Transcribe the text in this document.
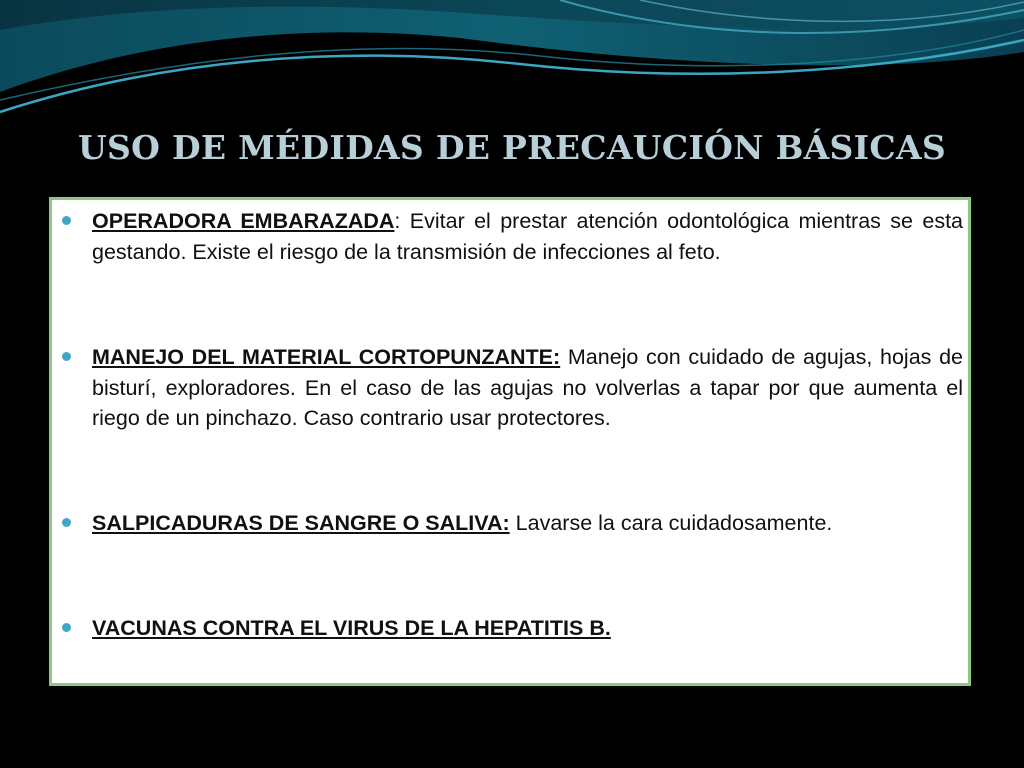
USO DE MÉDIDAS DE PRECAUCIÓN BÁSICAS

OPERADORA EMBARAZADA: Evitar el prestar atención odontológica mientras se esta gestando. Existe el riesgo de la transmisión de infecciones al feto.

MANEJO DEL MATERIAL CORTOPUNZANTE: Manejo con cuidado de agujas, hojas de bisturí, exploradores. En el caso de las agujas no volverlas a tapar por que aumenta el riego de un pinchazo. Caso contrario usar protectores.

SALPICADURAS DE SANGRE O SALIVA: Lavarse la cara cuidadosamente.

VACUNAS CONTRA EL VIRUS DE LA HEPATITIS B.
